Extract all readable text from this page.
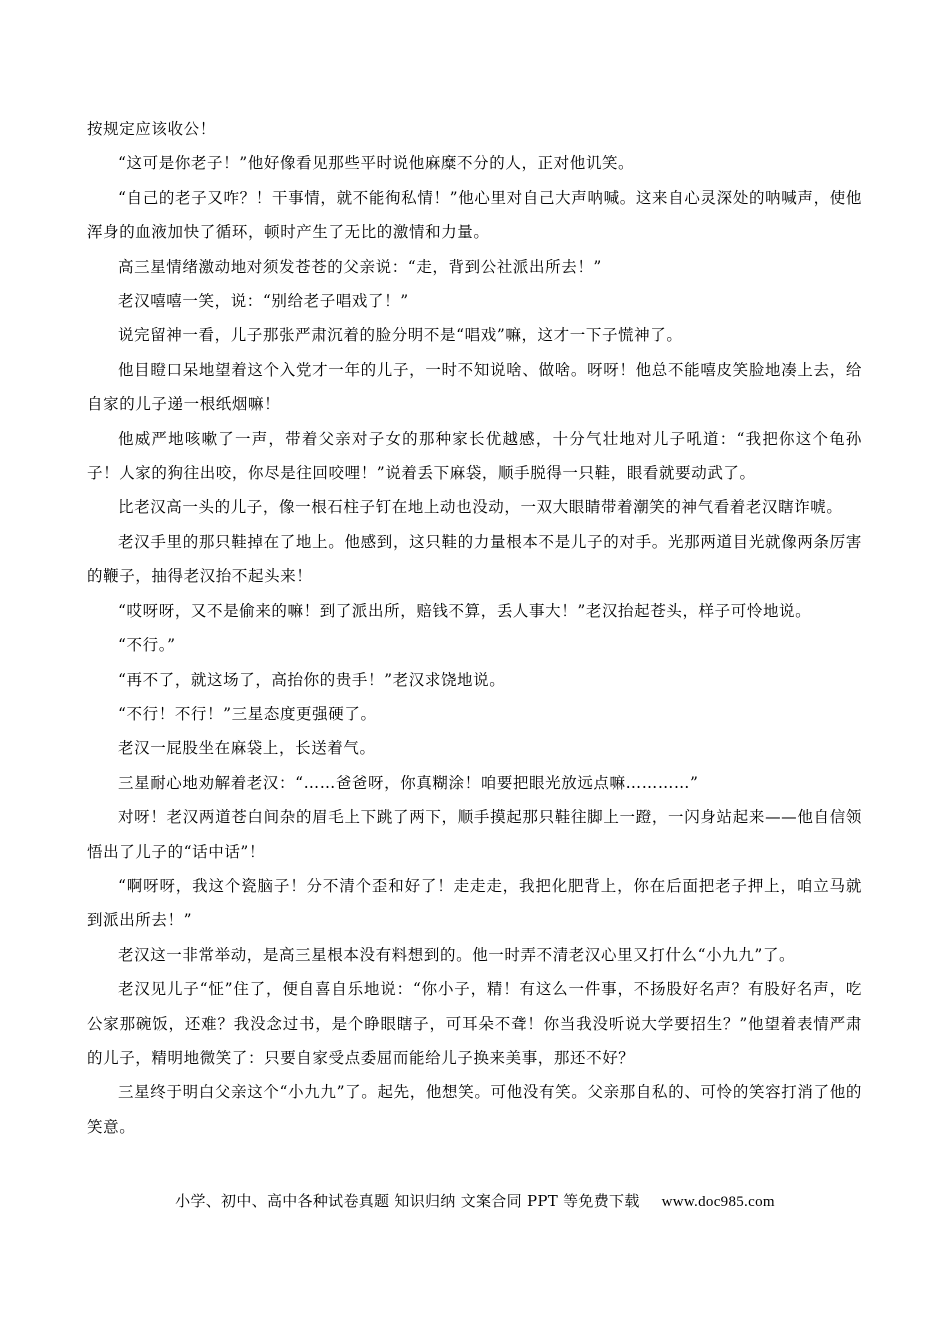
按规定应该收公！

“这可是你老子！”他好像看见那些平时说他麻糜不分的人，正对他讥笑。

“自己的老子又咋？！干事情，就不能徇私情！”他心里对自己大声呐喊。这来自心灵深处的呐喊声，使他浑身的血液加快了循环，顿时产生了无比的激情和力量。

高三星情绪激动地对须发苍苍的父亲说：“走，背到公社派出所去！”

老汉嘻嘻一笑，说：“别给老子唱戏了！”

说完留神一看，儿子那张严肃沉着的脸分明不是“唱戏”嘛，这才一下子慌神了。

他目瞪口呆地望着这个入党才一年的儿子，一时不知说啥、做啥。呀呀！他总不能嘻皮笑脸地凑上去，给自家的儿子递一根纸烟嘛！

他威严地咳嗽了一声，带着父亲对子女的那种家长优越感，十分气壮地对儿子吼道：“我把你这个龟孙子！人家的狗往出咬，你尽是往回咬哩！”说着丢下麻袋，顺手脱得一只鞋，眼看就要动武了。

比老汉高一头的儿子，像一根石柱子钉在地上动也没动，一双大眼睛带着潮笑的神气看着老汉瞎诈唬。

老汉手里的那只鞋掉在了地上。他感到，这只鞋的力量根本不是儿子的对手。光那两道目光就像两条厉害的鞭子，抽得老汉抬不起头来！

“哎呀呀，又不是偷来的嘛！到了派出所，赔钱不算，丢人事大！”老汉抬起苍头，样子可怜地说。

“不行。”

“再不了，就这场了，高抬你的贵手！”老汉求饶地说。

“不行！不行！”三星态度更强硬了。

老汉一屁股坐在麻袋上，长送着气。

三星耐心地劝解着老汉：“……爸爸呀，你真糊涂！咱要把眼光放远点嘛…………”

对呀！老汉两道苍白间杂的眉毛上下跳了两下，顺手摸起那只鞋往脚上一蹬，一闪身站起来——他自信领悟出了儿子的“话中话”！

“啊呀呀，我这个瓷脑子！分不清个歪和好了！走走走，我把化肥背上，你在后面把老子押上，咱立马就到派出所去！”

老汉这一非常举动，是高三星根本没有料想到的。他一时弄不清老汉心里又打什么“小九九”了。

老汉见儿子“怔”住了，便自喜自乐地说：“你小子，精！有这么一件事，不扬股好名声？有股好名声，吃公家那碗饭，还难？我没念过书，是个睁眼瞎子，可耳朵不聋！你当我没听说大学要招生？”他望着表情严肃的儿子，精明地微笑了：只要自家受点委屈而能给儿子换来美事，那还不好？

三星终于明白父亲这个“小九九”了。起先，他想笑。可他没有笑。父亲那自私的、可怜的笑容打消了他的笑意。

小学、初中、高中各种试卷真题 知识归纳 文案合同 PPT 等免费下载 www.doc985.com
